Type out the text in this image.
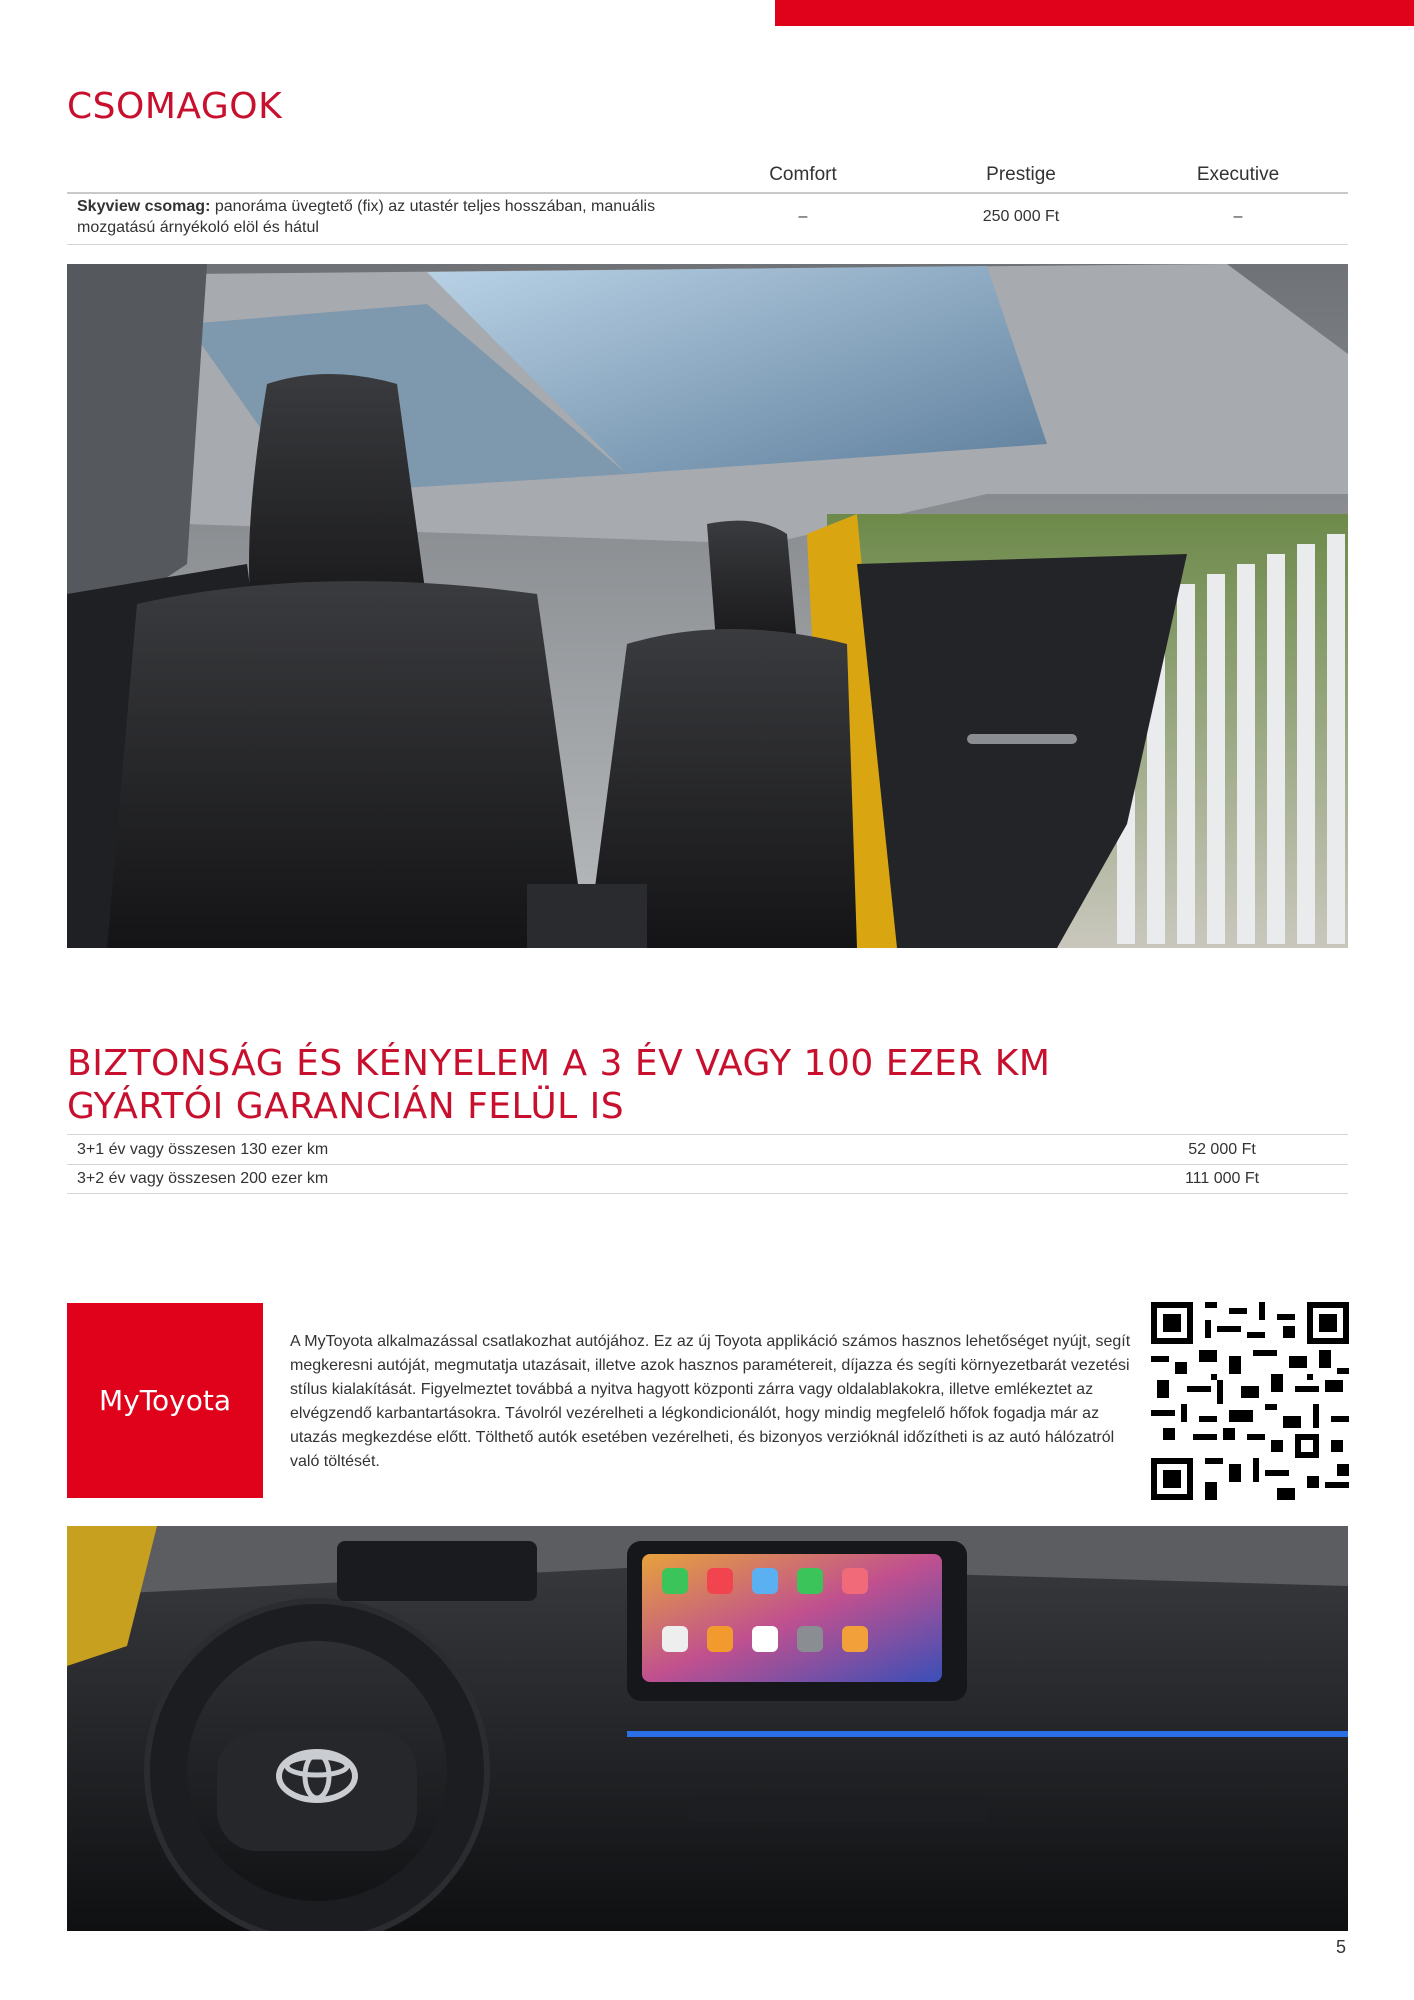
CSOMAGOK
Comfort	Prestige	Executive
Skyview csomag: panoráma üvegtető (fix) az utastér teljes hosszában, manuális mozgatású árnyékoló elöl és hátul
–	250 000 Ft	–
BIZTONSÁG ÉS KÉNYELEM A 3 ÉV VAGY 100 EZER KM
GYÁRTÓI GARANCIÁN FELÜL IS
3+1 év vagy összesen 130 ezer km	52 000 Ft
3+2 év vagy összesen 200 ezer km	111 000 Ft
MyToyota
A MyToyota alkalmazással csatlakozhat autójához. Ez az új Toyota applikáció számos hasznos lehetőséget nyújt, segít megkeresni autóját, megmutatja utazásait, illetve azok hasznos paramétereit, díjazza és segíti környezetbarát vezetési stílus kialakítását. Figyelmeztet továbbá a nyitva hagyott központi zárra vagy oldalablakokra, illetve emlékeztet az elvégzendő karbantartásokra. Távolról vezérelheti a légkondicionálót, hogy mindig megfelelő hőfok fogadja már az utazás megkezdése előtt. Tölthető autók esetében vezérelheti, és bizonyos verzióknál időzítheti is az autó hálózatról való töltését.
5
